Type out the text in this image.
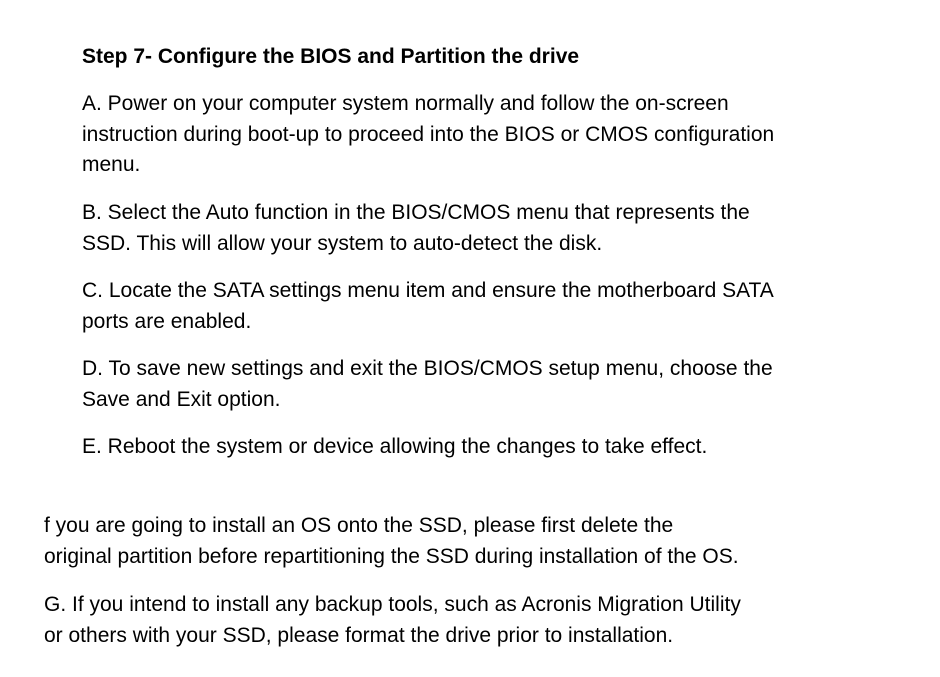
Step 7- Configure the BIOS and Partition the drive
A. Power on your computer system normally and follow the on-screen
instruction during boot-up to proceed into the BIOS or CMOS configuration
menu.
B. Select the Auto function in the BIOS/CMOS menu that represents the
SSD. This will allow your system to auto-detect the disk.
C. Locate the SATA settings menu item and ensure the motherboard SATA
ports are enabled.
D. To save new settings and exit the BIOS/CMOS setup menu, choose the
Save and Exit option.
E. Reboot the system or device allowing the changes to take effect.
f you are going to install an OS onto the SSD, please first delete the
original partition before repartitioning the SSD during installation of the OS.
G. If you intend to install any backup tools, such as Acronis Migration Utility
or others with your SSD, please format the drive prior to installation.
